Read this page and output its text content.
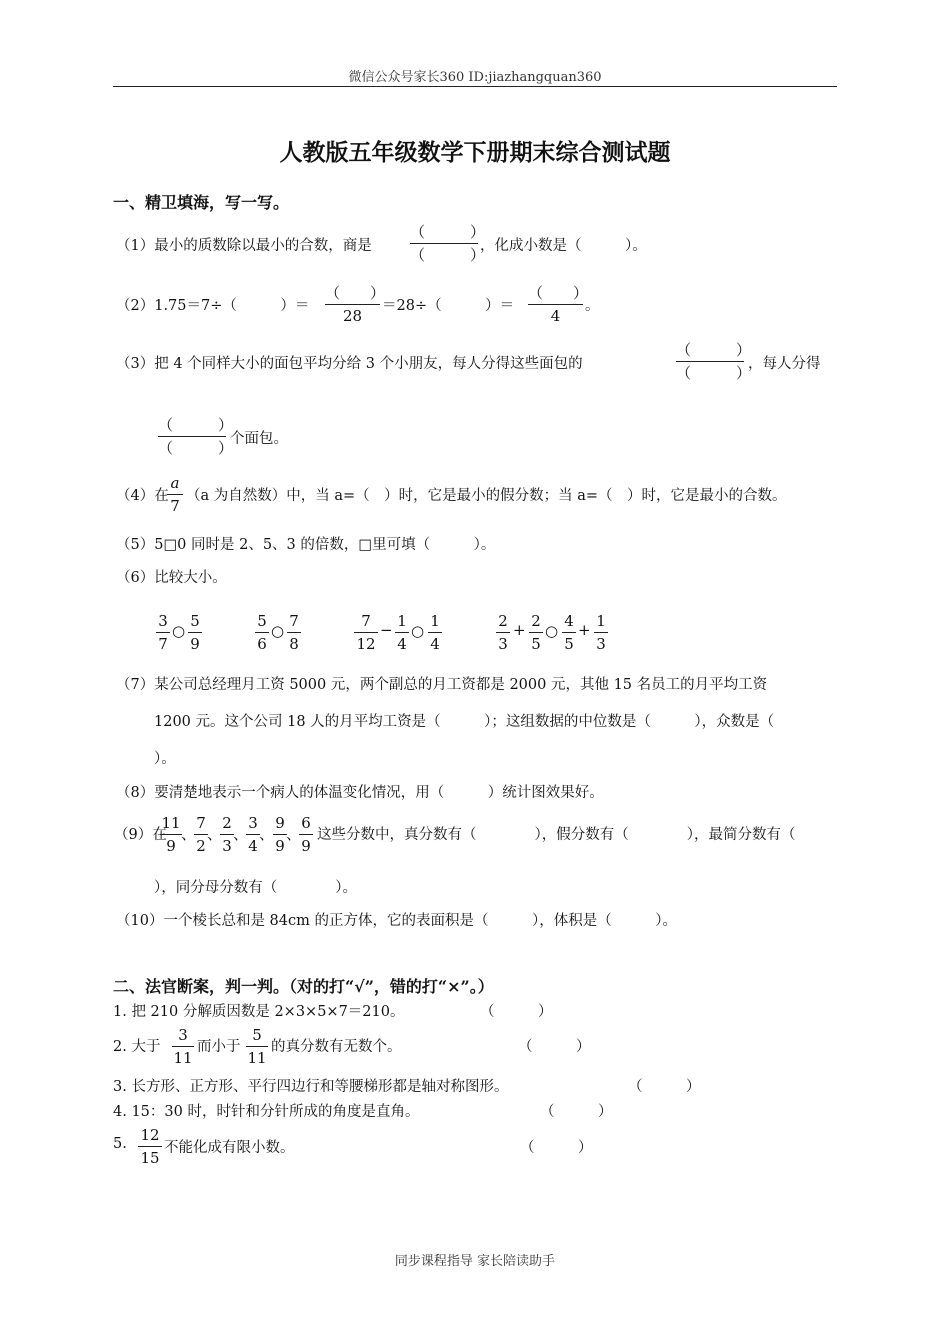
微信公众号家长360 ID:jiazhangquan360
人教版五年级数学下册期末综合测试题
一、精卫填海，写一写。
（1）最小的质数除以最小的合数，商是
（　　　）
（　　　）
，化成小数是（　　　）。
（2）1.75＝7÷（　　　）＝
（　　）
28
＝28÷（　　　）＝
（　　）
4
。
（3）把 4 个同样大小的面包平均分给 3 个小朋友，每人分得这些面包的
（　　　）
（　　　）
，每人分得
（　　　）
（　　　）
个面包。
（4）在
a
7
（a 为自然数）中，当 a=（　）时，它是最小的假分数；当 a=（　）时，它是最小的合数。
（5）5□0 同时是 2、5、3 的倍数，□里可填（　　　）。
（6）比较大小。
3
7
○
5
9
5
6
○
7
8
7
12
− 1
4
○
1
4
2
3
+ 2
5
○
4
5
+ 1
3
（7）某公司总经理月工资 5000 元，两个副总的月工资都是 2000 元，其他 15 名员工的月平均工资
1200 元。这个公司 18 人的月平均工资是（　　　）；这组数据的中位数是（　　　），众数是（
）。
（8）要清楚地表示一个病人的体温变化情况，用（　　　）统计图效果好。
（9）在
11
9
、
7
2
、
2
3
、
3
4
、
9
9
、
6
9
这些分数中，真分数有（　　　　），假分数有（　　　　），最简分数有（
），同分母分数有（　　　　）。
（10）一个棱长总和是 84cm 的正方体，它的表面积是（　　　），体积是（　　　）。
二、法官断案，判一判。（对的打“√”，错的打“×”。）
1. 把 210 分解质因数是 2×3×5×7＝210。	（　　　）
2. 大于
3
11
而小于
5
11
的真分数有无数个。	（　　　）
3. 长方形、正方形、平行四边行和等腰梯形都是轴对称图形。	（　　　）
4. 15：30 时，时针和分针所成的角度是直角。	（　　　）
5. 12
15
不能化成有限小数。	（　　　）
同步课程指导 家长陪读助手
